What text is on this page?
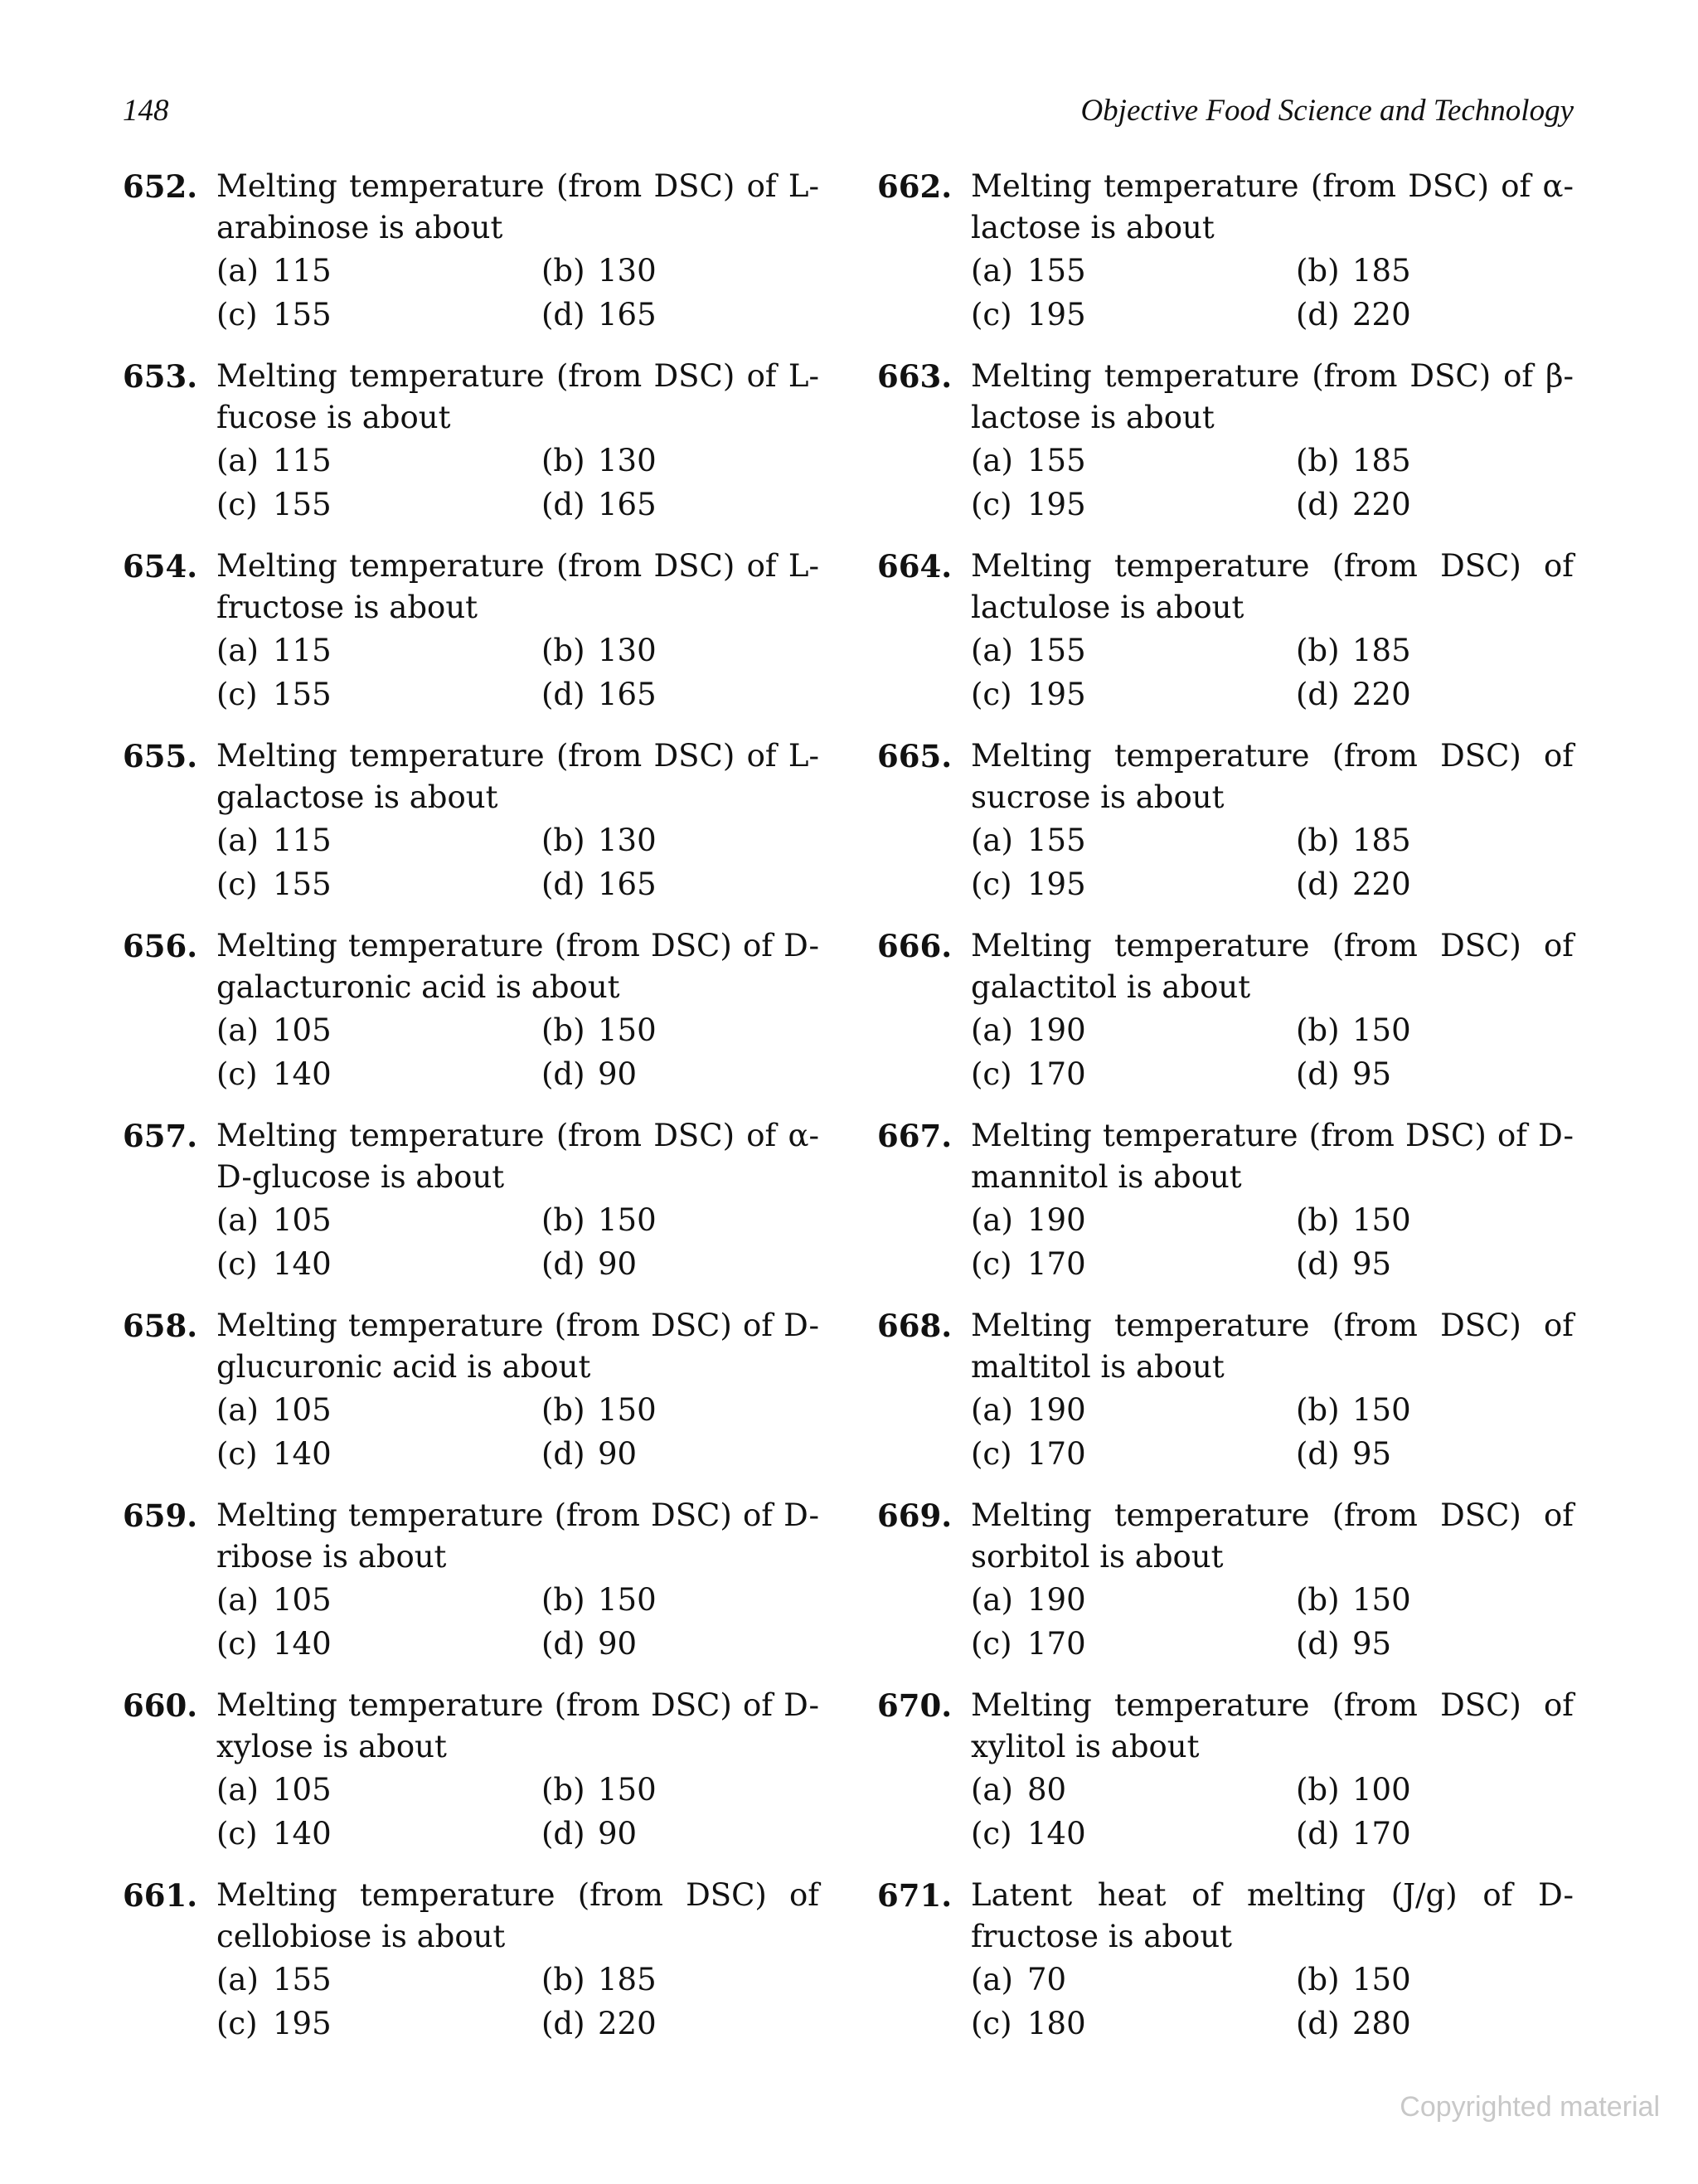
148	Objective Food Science and Technology
652. Melting temperature (from DSC) of L-arabinose is about
(a) 115	(b) 130
(c) 155	(d) 165
653. Melting temperature (from DSC) of L-fucose is about
(a) 115	(b) 130
(c) 155	(d) 165
654. Melting temperature (from DSC) of L-fructose is about
(a) 115	(b) 130
(c) 155	(d) 165
655. Melting temperature (from DSC) of L-galactose is about
(a) 115	(b) 130
(c) 155	(d) 165
656. Melting temperature (from DSC) of D-galacturonic acid is about
(a) 105	(b) 150
(c) 140	(d) 90
657. Melting temperature (from DSC) of α-D-glucose is about
(a) 105	(b) 150
(c) 140	(d) 90
658. Melting temperature (from DSC) of D-glucuronic acid is about
(a) 105	(b) 150
(c) 140	(d) 90
659. Melting temperature (from DSC) of D-ribose is about
(a) 105	(b) 150
(c) 140	(d) 90
660. Melting temperature (from DSC) of D-xylose is about
(a) 105	(b) 150
(c) 140	(d) 90
661. Melting temperature (from DSC) of cellobiose is about
(a) 155	(b) 185
(c) 195	(d) 220
662. Melting temperature (from DSC) of α-lactose is about
(a) 155	(b) 185
(c) 195	(d) 220
663. Melting temperature (from DSC) of β-lactose is about
(a) 155	(b) 185
(c) 195	(d) 220
664. Melting temperature (from DSC) of lactulose is about
(a) 155	(b) 185
(c) 195	(d) 220
665. Melting temperature (from DSC) of sucrose is about
(a) 155	(b) 185
(c) 195	(d) 220
666. Melting temperature (from DSC) of galactitol is about
(a) 190	(b) 150
(c) 170	(d) 95
667. Melting temperature (from DSC) of D-mannitol is about
(a) 190	(b) 150
(c) 170	(d) 95
668. Melting temperature (from DSC) of maltitol is about
(a) 190	(b) 150
(c) 170	(d) 95
669. Melting temperature (from DSC) of sorbitol is about
(a) 190	(b) 150
(c) 170	(d) 95
670. Melting temperature (from DSC) of xylitol is about
(a) 80	(b) 100
(c) 140	(d) 170
671. Latent heat of melting (J/g) of D-fructose is about
(a) 70	(b) 150
(c) 180	(d) 280
Copyrighted material
